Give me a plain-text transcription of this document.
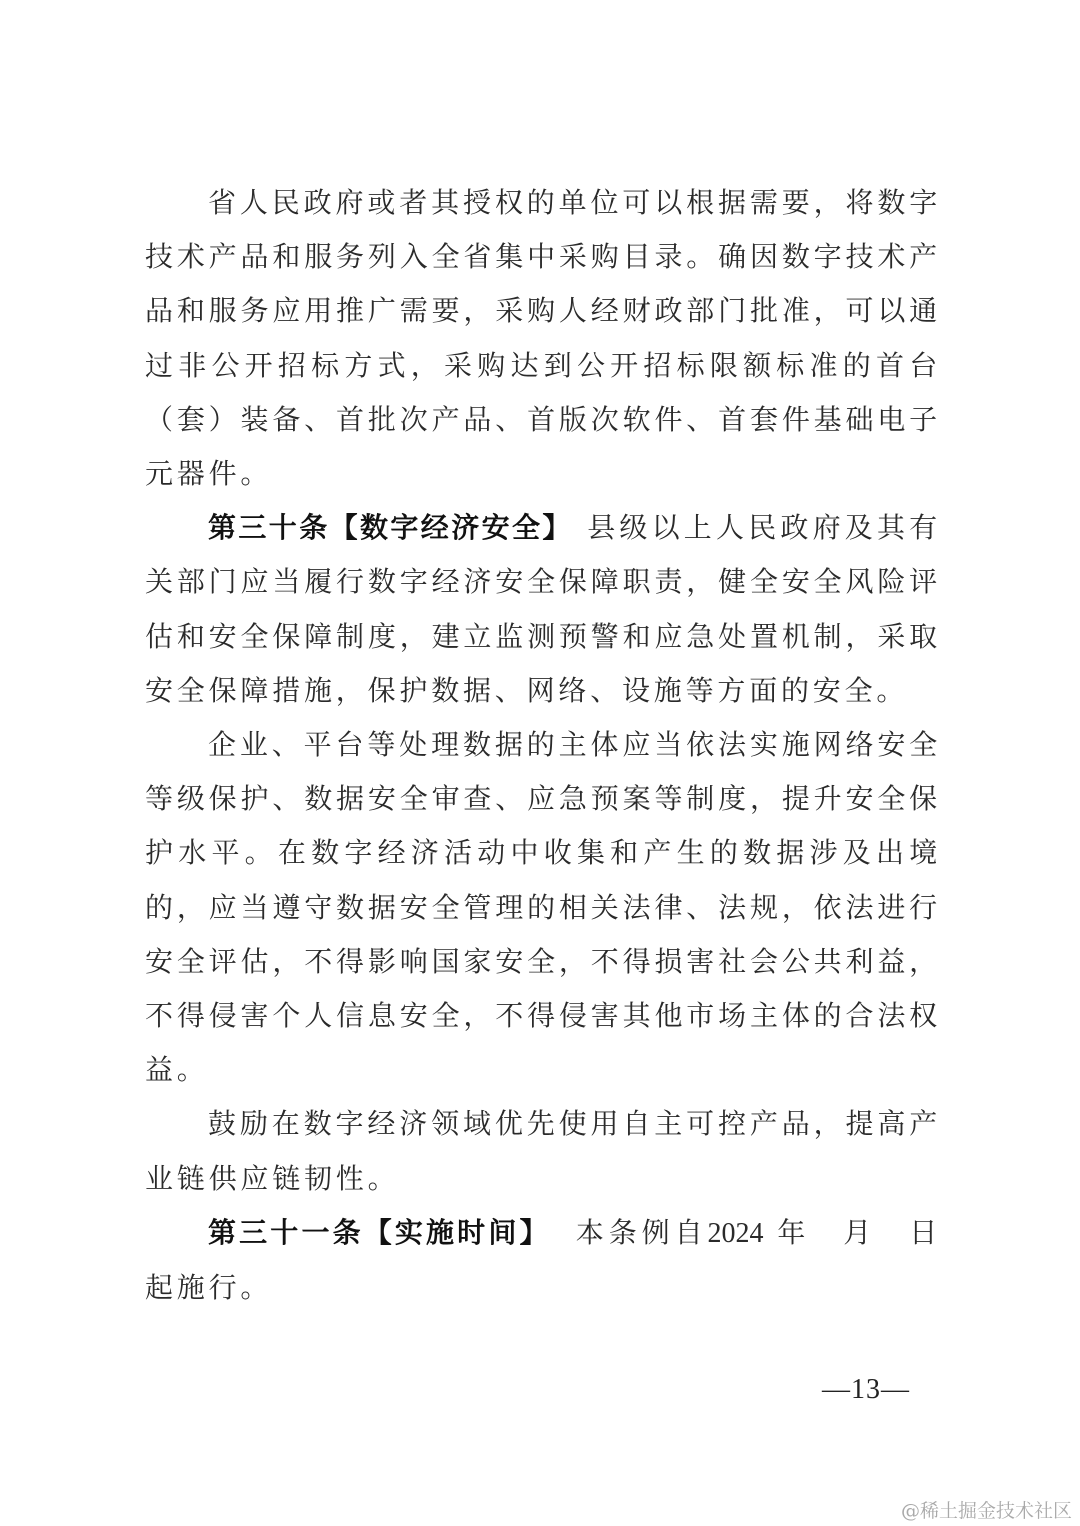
省人民政府或者其授权的单位可以根据需要，将数字技术产品和服务列入全省集中采购目录。确因数字技术产品和服务应用推广需要，采购人经财政部门批准，可以通过非公开招标方式，采购达到公开招标限额标准的首台（套）装备、首批次产品、首版次软件、首套件基础电子元器件。

第三十条【数字经济安全】 县级以上人民政府及其有关部门应当履行数字经济安全保障职责，健全安全风险评估和安全保障制度，建立监测预警和应急处置机制，采取安全保障措施，保护数据、网络、设施等方面的安全。

企业、平台等处理数据的主体应当依法实施网络安全等级保护、数据安全审查、应急预案等制度，提升安全保护水平。在数字经济活动中收集和产生的数据涉及出境的，应当遵守数据安全管理的相关法律、法规，依法进行安全评估，不得影响国家安全，不得损害社会公共利益，不得侵害个人信息安全，不得侵害其他市场主体的合法权益。

鼓励在数字经济领域优先使用自主可控产品，提高产业链供应链韧性。

第三十一条【实施时间】 本条例自2024 年　月　日起施行。

—13—
@稀土掘金技术社区
